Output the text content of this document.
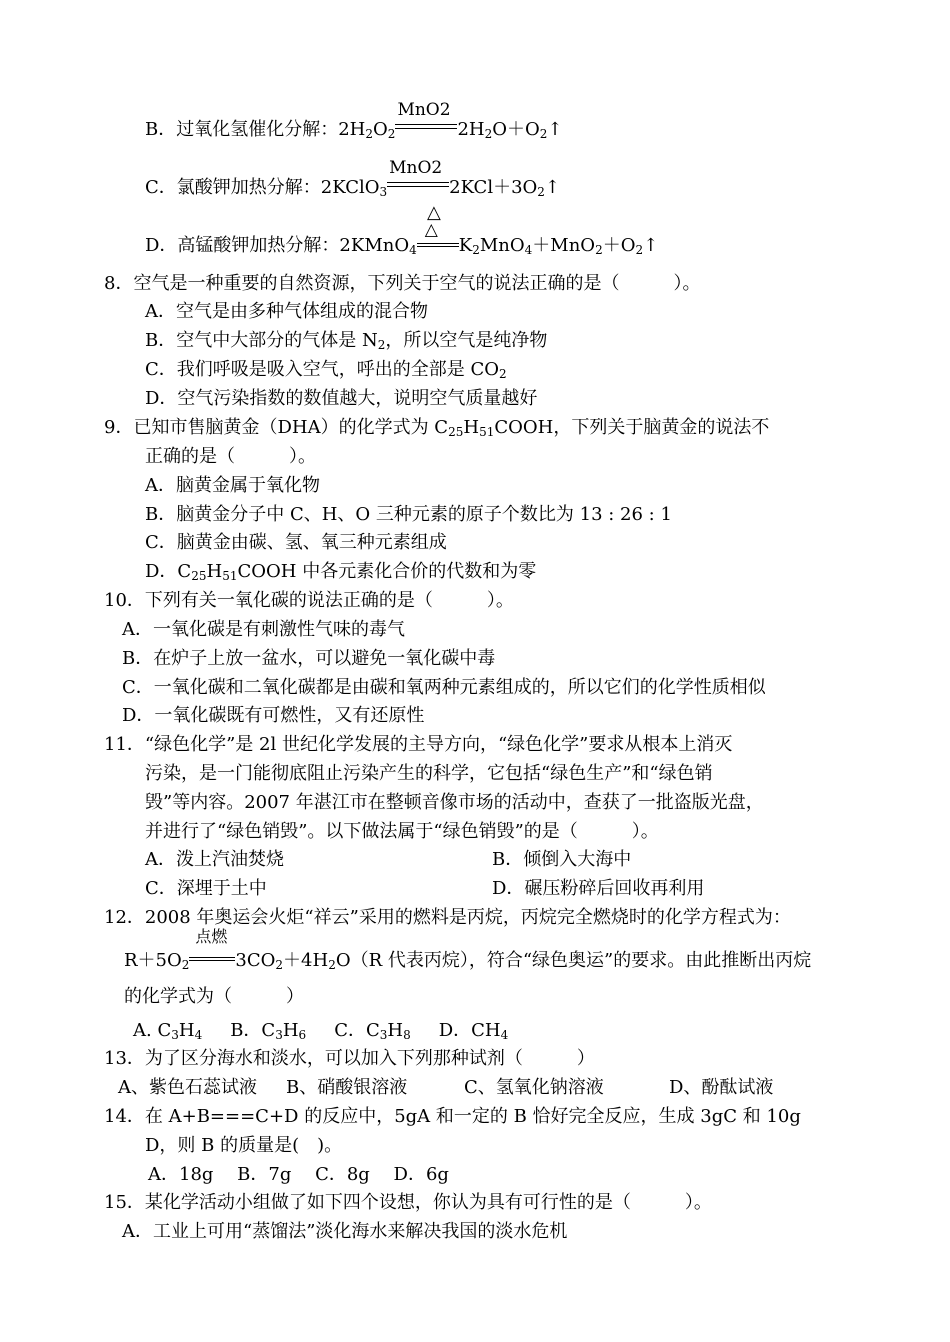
B．过氧化氢催化分解：$2H_2O_2$
MnO2
$2H_2O+O_2↑$
C．氯酸钾加热分解：2KClO$_3$
MnO2
$2KCl+3O_2↑$
△
D．高锰酸钾加热分解：2KMnO$_4$
△
$K_2MnO_4+MnO_2+O_2↑$
8．空气是一种重要的自然资源，下列关于空气的说法正确的是（　　　）。
A．空气是由多种气体组成的混合物
B．空气中大部分的气体是 $N_2$，所以空气是纯净物
C．我们呼吸是吸入空气，呼出的全部是 $CO_2$
D．空气污染指数的数值越大，说明空气质量越好
9．已知市售脑黄金（DHA）的化学式为 $C_{25}H_{51}COOH$，下列关于脑黄金的说法不
正确的是（　　　）。
A．脑黄金属于氧化物
B．脑黄金分子中 C、H、O 三种元素的原子个数比为 13 : 26 : 1
C．脑黄金由碳、氢、氧三种元素组成
D．$C_{25}H_{51}COOH$ 中各元素化合价的代数和为零
10．下列有关一氧化碳的说法正确的是（　　　）。
A．一氧化碳是有刺激性气味的毒气
B．在炉子上放一盆水，可以避免一氧化碳中毒
C．一氧化碳和二氧化碳都是由碳和氧两种元素组成的，所以它们的化学性质相似
D．一氧化碳既有可燃性，又有还原性
11．“绿色化学”是 2l 世纪化学发展的主导方向，“绿色化学”要求从根本上消灭
污染，是一门能彻底阻止污染产生的科学，它包括“绿色生产”和“绿色销
毁”等内容。2007 年湛江市在整顿音像市场的活动中，查获了一批盗版光盘，
并进行了“绿色销毁”。以下做法属于“绿色销毁”的是（　　　）。
A．泼上汽油焚烧	B．倾倒入大海中
C．深埋于土中	D．碾压粉碎后回收再利用
12．2008 年奥运会火炬“祥云”采用的燃料是丙烷，丙烷完全燃烧时的化学方程式为：
$R+5O_2$
点燃
$3CO_2+4H_2O(R$ 代表丙烷），符合“绿色奥运”的要求。由此推断出丙烷
的化学式为（　　　）
A. $C_3H_4$ B．$C_3H_6$ C．$C_3H_8$ D．$CH_4$
13．为了区分海水和淡水，可以加入下列那种试剂（　　　）
A、紫色石蕊试液 B、硝酸银溶液	C、氢氧化钠溶液	D、酚酞试液
14．在 A+B===C+D 的反应中，5gA 和一定的 B 恰好完全反应，生成 3gC 和 10g
D，则 B 的质量是(　)。
A．18g　 B．7g　 C．8g　 D．6g
15．某化学活动小组做了如下四个设想，你认为具有可行性的是（　　　）。
A．工业上可用“蒸馏法”淡化海水来解决我国的淡水危机
